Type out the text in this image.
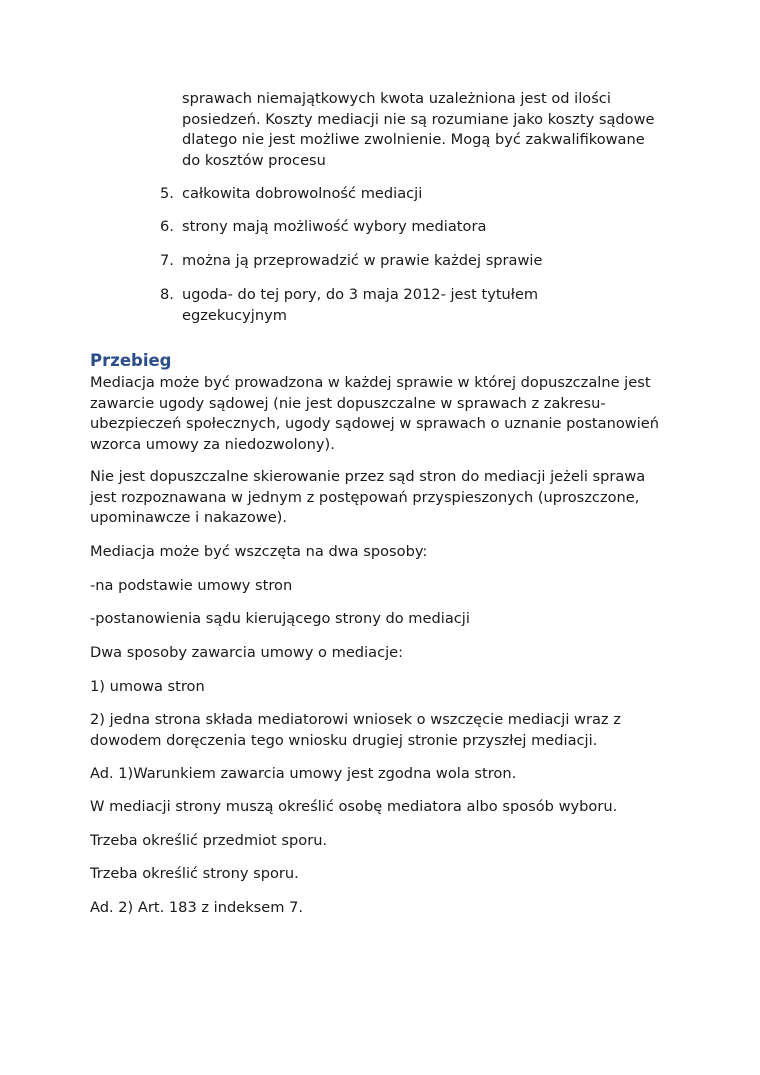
sprawach niemajątkowych kwota uzależniona jest od ilości posiedzeń. Koszty mediacji nie są rozumiane jako koszty sądowe dlatego nie jest możliwe zwolnienie. Mogą być zakwalifikowane do kosztów procesu

5. całkowita dobrowolność mediacji
6. strony mają możliwość wybory mediatora
7. można ją przeprowadzić w prawie każdej sprawie
8. ugoda- do tej pory, do 3 maja 2012- jest tytułem egzekucyjnym
Przebieg

Mediacja może być prowadzona w każdej sprawie w której dopuszczalne jest zawarcie ugody sądowej (nie jest dopuszczalne w sprawach z zakresu-ubezpieczeń społecznych, ugody sądowej w sprawach o uznanie postanowień wzorca umowy za niedozwolony).

Nie jest dopuszczalne skierowanie przez sąd stron do mediacji jeżeli sprawa jest rozpoznawana w jednym z postępowań przyspieszonych (uproszczone, upominawcze i nakazowe).

Mediacja może być wszczęta na dwa sposoby:

-na podstawie umowy stron

-postanowienia sądu kierującego strony do mediacji

Dwa sposoby zawarcia umowy o mediacje:

1) umowa stron

2) jedna strona składa mediatorowi wniosek o wszczęcie mediacji wraz z dowodem doręczenia tego wniosku drugiej stronie przyszłej mediacji.

Ad. 1)Warunkiem zawarcia umowy jest zgodna wola stron.

W mediacji strony muszą określić osobę mediatora albo sposób wyboru.

Trzeba określić przedmiot sporu.

Trzeba określić strony sporu.

Ad. 2) Art. 183 z indeksem 7.
